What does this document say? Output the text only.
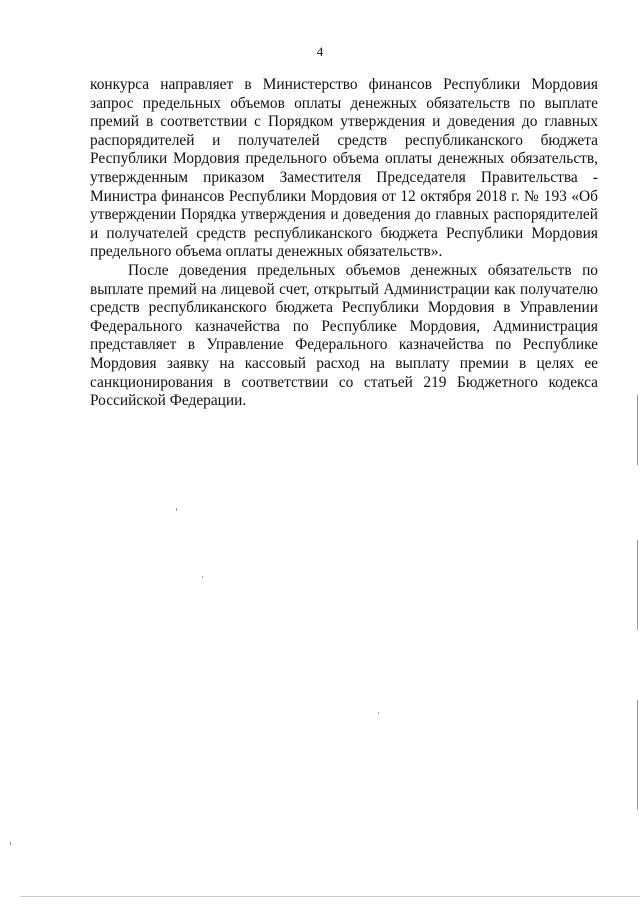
4

конкурса направляет в Министерство финансов Республики Мордовия запрос предельных объемов оплаты денежных обязательств по выплате премий в соответствии с Порядком утверждения и доведения до главных распорядителей и получателей средств республиканского бюджета Республики Мордовия предельного объема оплаты денежных обязательств, утвержденным приказом Заместителя Председателя Правительства - Министра финансов Республики Мордовия от 12 октября 2018 г. № 193 «Об утверждении Порядка утверждения и доведения до главных распорядителей и получателей средств республиканского бюджета Республики Мордовия предельного объема оплаты денежных обязательств».

После доведения предельных объемов денежных обязательств по выплате премий на лицевой счет, открытый Администрации как получателю средств республиканского бюджета Республики Мордовия в Управлении Федерального казначейства по Республике Мордовия, Администрация представляет в Управление Федерального казначейства по Республике Мордовия заявку на кассовый расход на выплату премии в целях ее санкционирования в соответствии со статьей 219 Бюджетного кодекса Российской Федерации.
